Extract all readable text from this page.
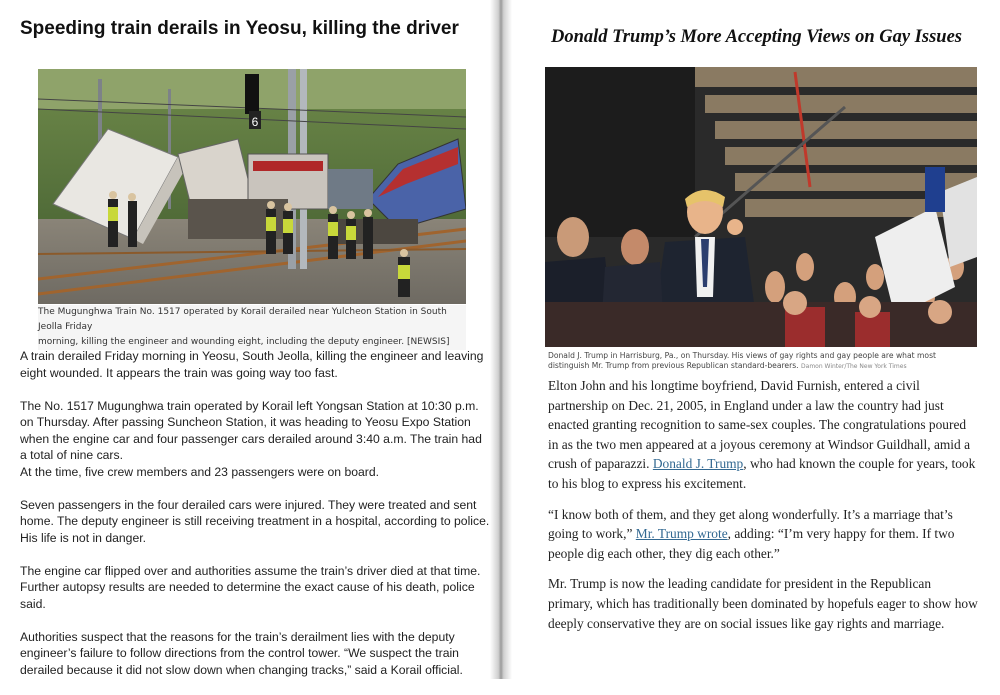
Speeding train derails in Yeosu, killing the driver
6
The Mugunghwa Train No. 1517 operated by Korail derailed near Yulcheon Station in South Jeolla Friday
morning, killing the engineer and wounding eight, including the deputy engineer. [NEWSIS]

A train derailed Friday morning in Yeosu, South Jeolla, killing the engineer and leaving eight wounded. It appears the train was going way too fast.

The No. 1517 Mugunghwa train operated by Korail left Yongsan Station at 10:30 p.m. on Thursday. After passing Suncheon Station, it was heading to Yeosu Expo Station when the engine car and four passenger cars derailed around 3:40 a.m. The train had a total of nine cars.

At the time, five crew members and 23 passengers were on board.

Seven passengers in the four derailed cars were injured. They were treated and sent home. The deputy engineer is still receiving treatment in a hospital, according to police. His life is not in danger.

The engine car flipped over and authorities assume the train’s driver died at that time. Further autopsy results are needed to determine the exact cause of his death, police said.

Authorities suspect that the reasons for the train’s derailment lies with the deputy engineer’s failure to follow directions from the control tower. “We suspect the train derailed because it did not slow down when changing tracks,” said a Korail official.

Donald Trump’s More Accepting Views on Gay Issues
Donald J. Trump in Harrisburg, Pa., on Thursday. His views of gay rights and gay people are what most
distinguish Mr. Trump from previous Republican standard-bearers. Damon Winter/The New York Times

Elton John and his longtime boyfriend, David Furnish, entered a civil partnership on Dec. 21, 2005, in England under a law the country had just enacted granting recognition to same-sex couples. The congratulations poured in as the two men appeared at a joyous ceremony at Windsor Guildhall, amid a crush of paparazzi. Donald J. Trump, who had known the couple for years, took to his blog to express his excitement.

“I know both of them, and they get along wonderfully. It’s a marriage that’s going to work,” Mr. Trump wrote, adding: “I’m very happy for them. If two people dig each other, they dig each other.”

Mr. Trump is now the leading candidate for president in the Republican primary, which has traditionally been dominated by hopefuls eager to show how deeply conservative they are on social issues like gay rights and marriage.
